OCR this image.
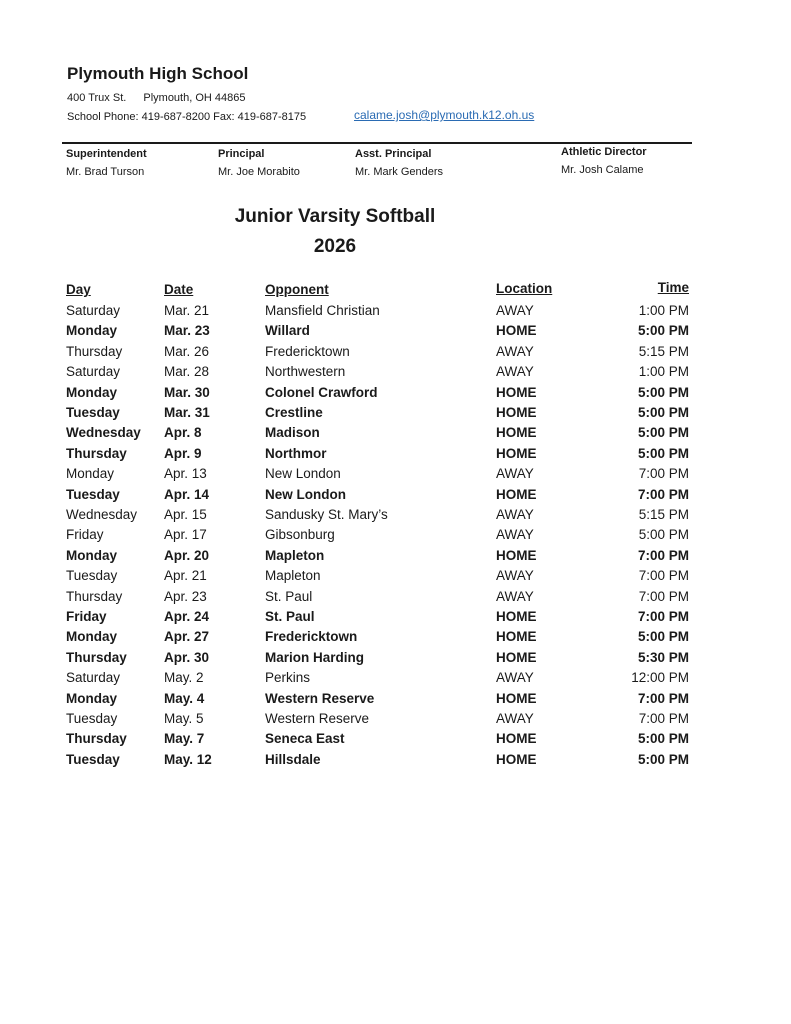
Plymouth High School
400 Trux St. Plymouth, OH 44865
School Phone: 419-687-8200 Fax: 419-687-8175	calame.josh@plymouth.k12.oh.us
Superintendent
Mr. Brad Turson
Principal
Mr. Joe Morabito
Asst. Principal
Mr. Mark Genders
Athletic Director
Mr. Josh Calame
Junior Varsity Softball
2026
Day	Date	Opponent	Location	Time
Saturday	Mar. 21	Mansfield Christian	AWAY	1:00 PM
Monday	Mar. 23	Willard	HOME	5:00 PM
Thursday	Mar. 26	Fredericktown	AWAY	5:15 PM
Saturday	Mar. 28	Northwestern	AWAY	1:00 PM
Monday	Mar. 30	Colonel Crawford	HOME	5:00 PM
Tuesday	Mar. 31	Crestline	HOME	5:00 PM
Wednesday Apr. 8	Madison	HOME	5:00 PM
Thursday	Apr. 9	Northmor	HOME	5:00 PM
Monday	Apr. 13	New London	AWAY	7:00 PM
Tuesday	Apr. 14	New London	HOME	7:00 PM
Wednesday Apr. 15	Sandusky St. Mary’s	AWAY	5:15 PM
Friday	Apr. 17	Gibsonburg	AWAY	5:00 PM
Monday	Apr. 20	Mapleton	HOME	7:00 PM
Tuesday	Apr. 21	Mapleton	AWAY	7:00 PM
Thursday	Apr. 23	St. Paul	AWAY	7:00 PM
Friday	Apr. 24	St. Paul	HOME	7:00 PM
Monday	Apr. 27	Fredericktown	HOME	5:00 PM
Thursday	Apr. 30	Marion Harding	HOME	5:30 PM
Saturday	May. 2	Perkins	AWAY	12:00 PM
Monday	May. 4	Western Reserve	HOME	7:00 PM
Tuesday	May. 5	Western Reserve	AWAY	7:00 PM
Thursday	May. 7	Seneca East	HOME	5:00 PM
Tuesday	May. 12	Hillsdale	HOME	5:00 PM
